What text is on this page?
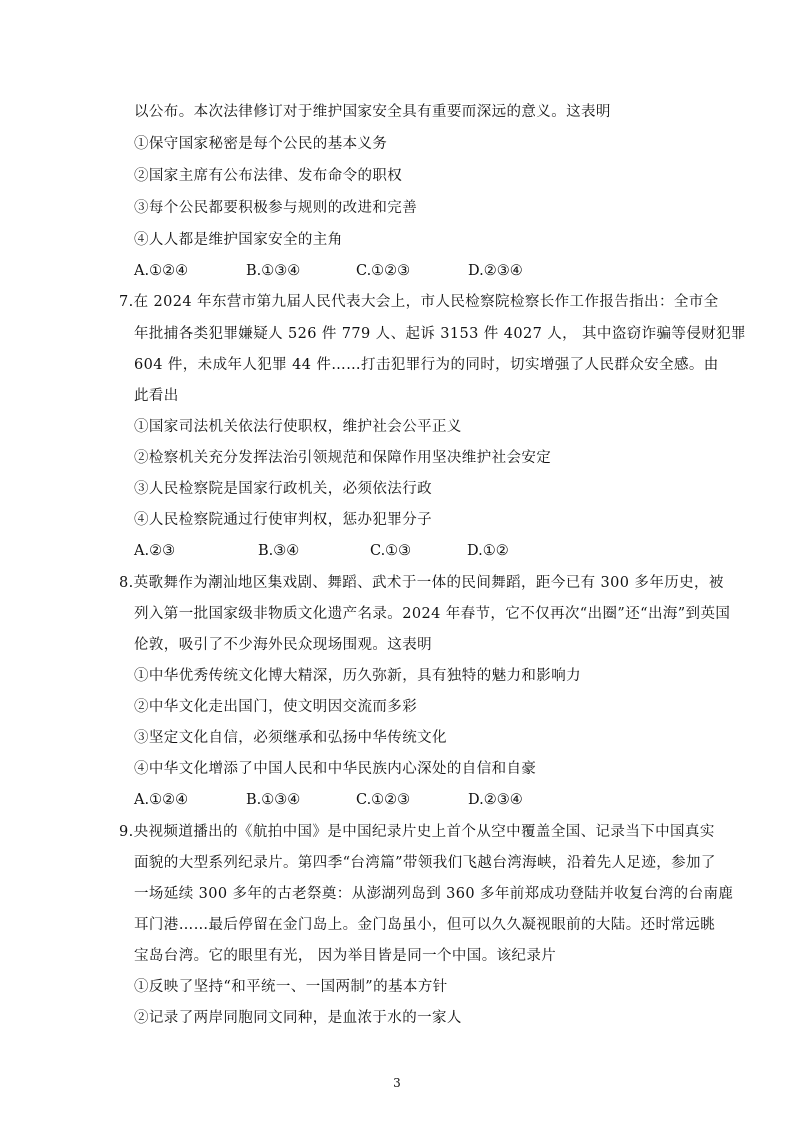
以公布。本次法律修订对于维护国家安全具有重要而深远的意义。这表明
①保守国家秘密是每个公民的基本义务
②国家主席有公布法律、发布命令的职权
③每个公民都要积极参与规则的改进和完善
④人人都是维护国家安全的主角
A.①②④	B.①③④	C.①②③	D.②③④
7.在 2024 年东营市第九届人民代表大会上，市人民检察院检察长作工作报告指出：全市全
年批捕各类犯罪嫌疑人 526 件 779 人、起诉 3153 件 4027 人， 其中盗窃诈骗等侵财犯罪
604 件，未成年人犯罪 44 件……打击犯罪行为的同时，切实增强了人民群众安全感。由
此看出
①国家司法机关依法行使职权，维护社会公平正义
②检察机关充分发挥法治引领规范和保障作用坚决维护社会安定
③人民检察院是国家行政机关，必须依法行政
④人民检察院通过行使审判权，惩办犯罪分子
A.②③	B.③④	C.①③	D.①②
8.英歌舞作为潮汕地区集戏剧、舞蹈、武术于一体的民间舞蹈，距今已有 300 多年历史，被
列入第一批国家级非物质文化遗产名录。2024 年春节，它不仅再次“出圈”还“出海”到英国
伦敦，吸引了不少海外民众现场围观。这表明
①中华优秀传统文化博大精深，历久弥新，具有独特的魅力和影响力
②中华文化走出国门，使文明因交流而多彩
③坚定文化自信，必须继承和弘扬中华传统文化
④中华文化增添了中国人民和中华民族内心深处的自信和自豪
A.①②④	B.①③④	C.①②③	D.②③④
9.央视频道播出的《航拍中国》是中国纪录片史上首个从空中覆盖全国、记录当下中国真实
面貌的大型系列纪录片。第四季“台湾篇”带领我们飞越台湾海峡，沿着先人足迹，参加了
一场延续 300 多年的古老祭奠：从澎湖列岛到 360 多年前郑成功登陆并收复台湾的台南鹿
耳门港……最后停留在金门岛上。金门岛虽小，但可以久久凝视眼前的大陆。还时常远眺
宝岛台湾。它的眼里有光， 因为举目皆是同一个中国。该纪录片
①反映了坚持“和平统一、一国两制”的基本方针
②记录了两岸同胞同文同种，是血浓于水的一家人
3
